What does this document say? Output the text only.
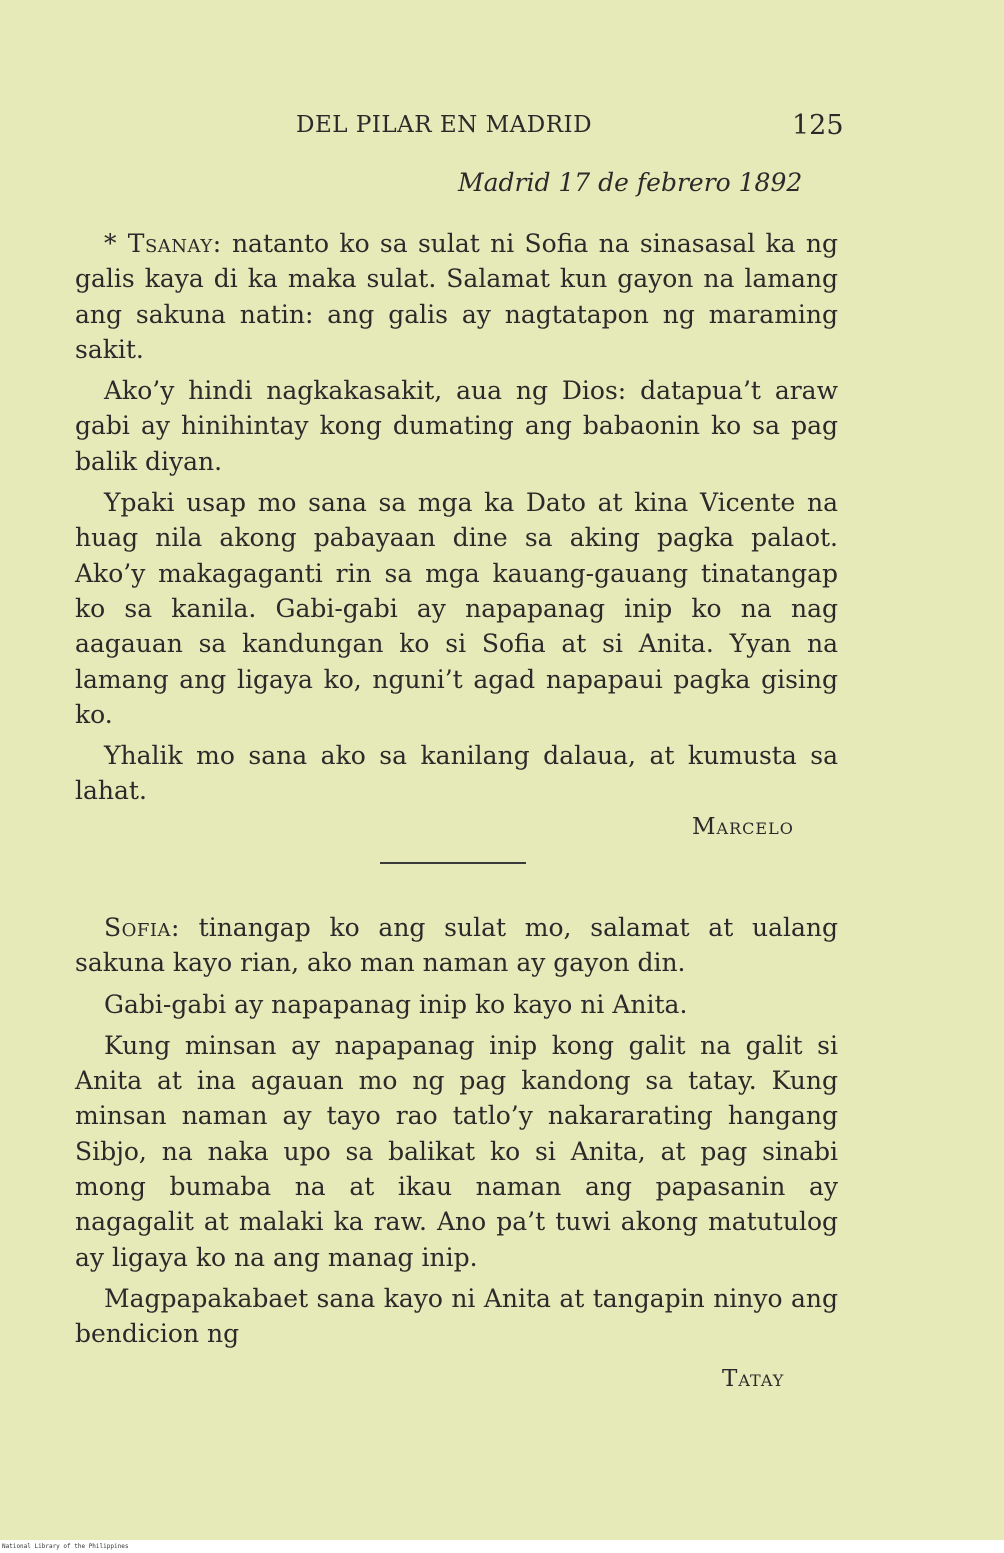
DEL PILAR EN MADRID	125
Madrid 17 de febrero 1892

* Tsanay: natanto ko sa sulat ni Sofia na sinasasal ka ng galis kaya di ka maka sulat. Salamat kun gayon na lamang ang sakuna natin: ang galis ay nagtatapon ng maraming sakit.

Ako’y hindi nagkakasakit, aua ng Dios: datapua’t araw gabi ay hinihintay kong dumating ang babaonin ko sa pag balik diyan.

Ypaki usap mo sana sa mga ka Dato at kina Vicente na huag nila akong pabayaan dine sa aking pagka palaot. Ako’y makagaganti rin sa mga kauang-gauang tinatangap ko sa kanila. Gabi-gabi ay napapanag inip ko na nag aagauan sa kandungan ko si Sofia at si Anita. Yyan na lamang ang ligaya ko, nguni’t agad napapaui pagka gising ko.

Yhalik mo sana ako sa kanilang dalaua, at kumusta sa lahat.

Marcelo

Sofia: tinangap ko ang sulat mo, salamat at ualang sakuna kayo rian, ako man naman ay gayon din.

Gabi-gabi ay napapanag inip ko kayo ni Anita.

Kung minsan ay napapanag inip kong galit na galit si Anita at ina agauan mo ng pag kandong sa tatay. Kung minsan naman ay tayo rao tatlo’y nakararating hangang Sibjo, na naka upo sa balikat ko si Anita, at pag sinabi mong bumaba na at ikau naman ang papasanin ay nagagalit at malaki ka raw. Ano pa’t tuwi akong matutulog ay ligaya ko na ang manag inip.

Magpapakabaet sana kayo ni Anita at tangapin ninyo ang bendicion ng

Tatay
National Library of the Philippines
